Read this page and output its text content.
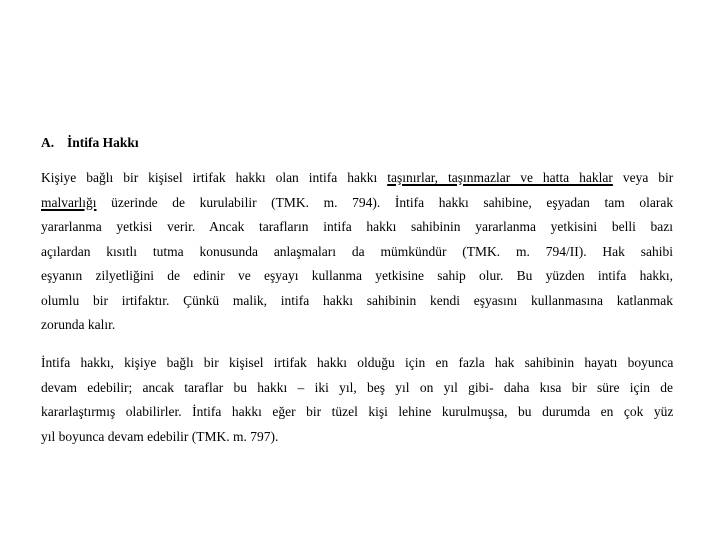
A. İntifa Hakkı
Kişiye bağlı bir kişisel irtifak hakkı olan intifa hakkı taşınırlar, taşınmazlar ve hatta haklar veya bir
malvarlığı üzerinde de kurulabilir (TMK. m. 794). İntifa hakkı sahibine, eşyadan tam olarak
yararlanma yetkisi verir. Ancak tarafların intifa hakkı sahibinin yararlanma yetkisini belli bazı
açılardan kısıtlı tutma konusunda anlaşmaları da mümkündür (TMK. m. 794/II). Hak sahibi
eşyanın zilyetliğini de edinir ve eşyayı kullanma yetkisine sahip olur. Bu yüzden intifa hakkı,
olumlu bir irtifaktır. Çünkü malik, intifa hakkı sahibinin kendi eşyasını kullanmasına katlanmak
zorunda kalır.
İntifa hakkı, kişiye bağlı bir kişisel irtifak hakkı olduğu için en fazla hak sahibinin hayatı boyunca
devam edebilir; ancak taraflar bu hakkı – iki yıl, beş yıl on yıl gibi- daha kısa bir süre için de
kararlaştırmış olabilirler. İntifa hakkı eğer bir tüzel kişi lehine kurulmuşsa, bu durumda en çok yüz
yıl boyunca devam edebilir (TMK. m. 797).
